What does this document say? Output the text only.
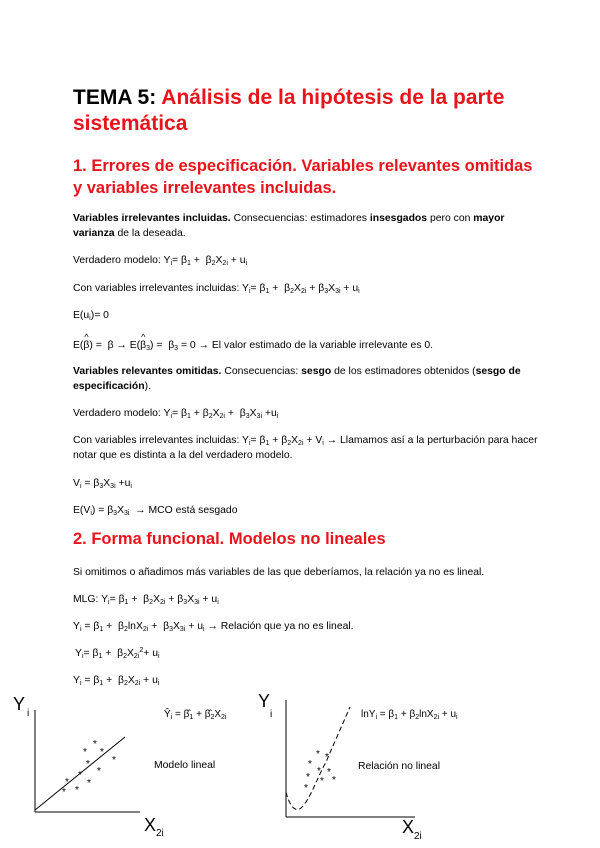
TEMA 5: Análisis de la hipótesis de la parte sistemática
1. Errores de especificación. Variables relevantes omitidas y variables irrelevantes incluidas.
Variables irrelevantes incluidas. Consecuencias: estimadores insesgados pero con mayor varianza de la deseada.
Verdadero modelo: $Y_i= \beta_1 + \beta_2X_{2i} + u_i$
Con variables irrelevantes incluidas: $Y_i= \beta_1 + \beta_2X_{2i} + \beta_3X_{3i} + u_i$
$E(u_i)= 0$
E(^ β) =  β → E(^ $\beta_3) = \beta_3 = 0 \to El$ valor estimado de la variable irrelevante es 0.
Variables relevantes omitidas. Consecuencias: sesgo de los estimadores obtenidos (sesgo de especificación).
Verdadero modelo: $Y_i= \beta_1 + \beta_2X_{2i} + \beta_3X_{3i} +u_i$
Con variables irrelevantes incluidas: $Y_i= \beta_1 + \beta_2X_{2i} + V_i$ → Llamamos así a la perturbación para hacer notar que es distinta a la del verdadero modelo.
$V_i = \beta_3X_{3i} +u_i$
$E(V_i) = \beta_3X_{3i}$ → MCO está sesgado
2. Forma funcional. Modelos no lineales
Si omitimos o añadimos más variables de las que deberíamos, la relación ya no es lineal.
MLG: $Y_i= \beta_1 + \beta_2X_{2i} + \beta_3X_{3i} + u_i$
$Y_i = \beta_1 + \beta_2\ln X_{2i} + \beta_3X_{3i} + u_i$ → Relación que ya no es lineal.
$Y_i= \beta_1 + \beta_2X_{2i}^2+ u_i$
$Y_i = \beta_1 + \beta_2X_{2i} + u_i$
Y i
*
* *
*
*
*
*
* *
*
*
$Ŷ_i$ = $\betâ_1$ + $\betâ_2X_{2i}$
Modelo lineal
X 2i
Y
i
* *
*
* *
* * *
*
$\ln Y_i = \beta_1 + \beta_2\ln X_{2i} + u_i$
Relación no lineal
X 2i
